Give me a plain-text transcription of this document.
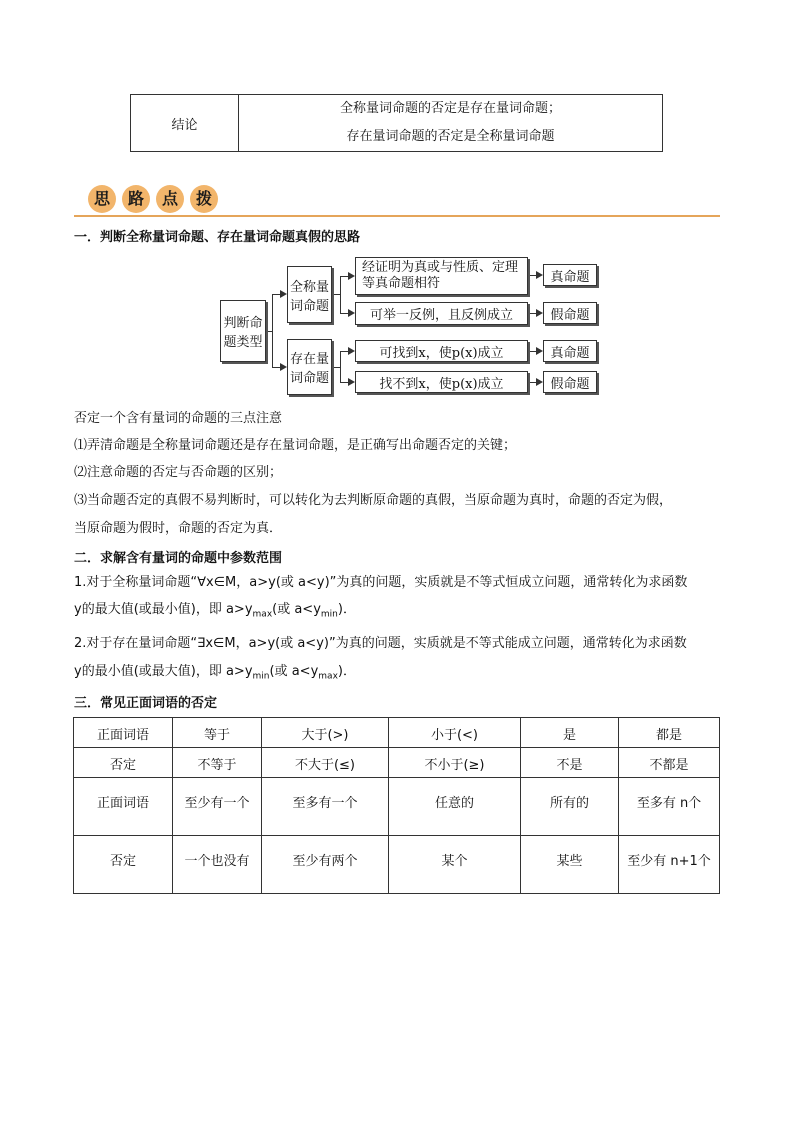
结论	
全称量词命题的否定是存在量词命题；
存在量词命题的否定是全称量词命题
思 路 点 拨
一．判断全称量词命题、存在量词命题真假的思路
判断命题类型
全称量词命题
存在量词命题
经证明为真或与性质、定理等真命题相符
可举一反例，且反例成立
可找到x，使p(x)成立
找不到x，使p(x)成立
真命题
假命题
真命题
假命题
否定一个含有量词的命题的三点注意
⑴弄清命题是全称量词命题还是存在量词命题，是正确写出命题否定的关键；
⑵注意命题的否定与否命题的区别；
⑶当命题否定的真假不易判断时，可以转化为去判断原命题的真假，当原命题为真时，命题的否定为假，
当原命题为假时，命题的否定为真．
二．求解含有量词的命题中参数范围
1.对于全称量词命题“∀x∈M，a>y(或 a<y)”为真的问题，实质就是不等式恒成立问题，通常转化为求函数
y的最大值(或最小值)，即 $a>y_{max}$(或 $a<y_{min}$)．
2.对于存在量词命题“∃x∈M，a>y(或 a<y)”为真的问题，实质就是不等式能成立问题，通常转化为求函数
y的最小值(或最大值)，即 $a>y_{min}$(或 $a<y_{max}$)．
三．常见正面词语的否定
正面词语	等于	大于(>)	小于(<)	是	都是
否定	不等于	不大于(≤)	不小于(≥)	不是	不都是
正面词语	至少有一个	至多有一个	任意的	所有的	至多有 n个
否定	一个也没有	至少有两个	某个	某些	至少有 n+1个
